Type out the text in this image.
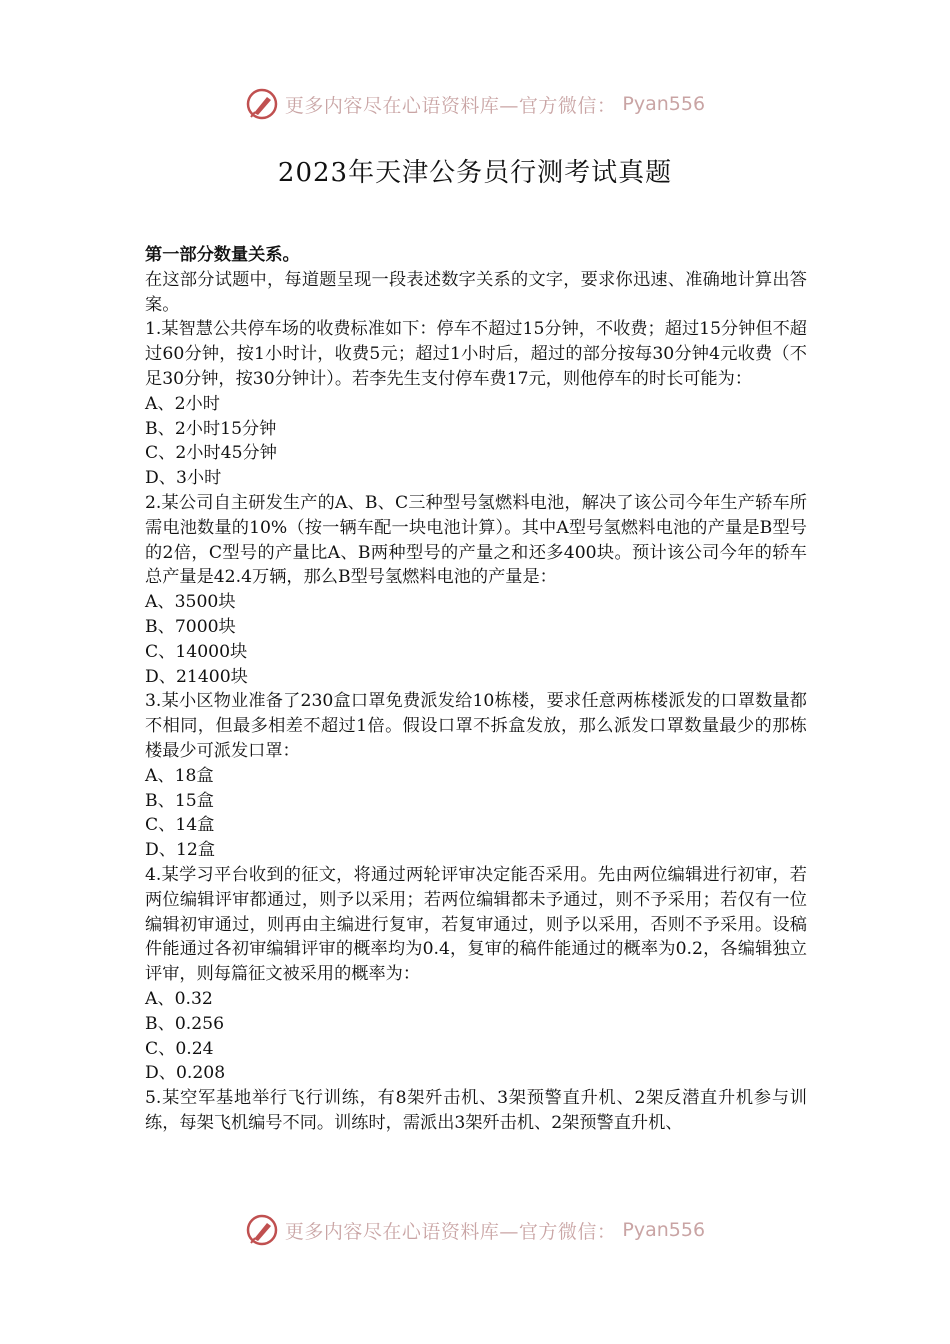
更多内容尽在心语资料库—官方微信： Pyan556
2023年天津公务员行测考试真题

第一部分数量关系。

在这部分试题中，每道题呈现一段表述数字关系的文字，要求你迅速、准确地计算出答案。

1.某智慧公共停车场的收费标准如下：停车不超过15分钟，不收费；超过15分钟但不超过60分钟，按1小时计，收费5元；超过1小时后，超过的部分按每30分钟4元收费（不足30分钟，按30分钟计）。若李先生支付停车费17元，则他停车的时长可能为：

A、2小时

B、2小时15分钟

C、2小时45分钟

D、3小时

2.某公司自主研发生产的A、B、C三种型号氢燃料电池，解决了该公司今年生产轿车所需电池数量的10%（按一辆车配一块电池计算）。其中A型号氢燃料电池的产量是B型号的2倍，C型号的产量比A、B两种型号的产量之和还多400块。预计该公司今年的轿车总产量是42.4万辆，那么B型号氢燃料电池的产量是：

A、3500块

B、7000块

C、14000块

D、21400块

3.某小区物业准备了230盒口罩免费派发给10栋楼，要求任意两栋楼派发的口罩数量都不相同，但最多相差不超过1倍。假设口罩不拆盒发放，那么派发口罩数量最少的那栋楼最少可派发口罩：

A、18盒

B、15盒

C、14盒

D、12盒

4.某学习平台收到的征文，将通过两轮评审决定能否采用。先由两位编辑进行初审，若两位编辑评审都通过，则予以采用；若两位编辑都未予通过，则不予采用；若仅有一位编辑初审通过，则再由主编进行复审，若复审通过，则予以采用，否则不予采用。设稿件能通过各初审编辑评审的概率均为0.4，复审的稿件能通过的概率为0.2，各编辑独立评审，则每篇征文被采用的概率为：

A、0.32

B、0.256

C、0.24

D、0.208

5.某空军基地举行飞行训练，有8架歼击机、3架预警直升机、2架反潜直升机参与训练，每架飞机编号不同。训练时，需派出3架歼击机、2架预警直升机、

更多内容尽在心语资料库—官方微信： Pyan556
